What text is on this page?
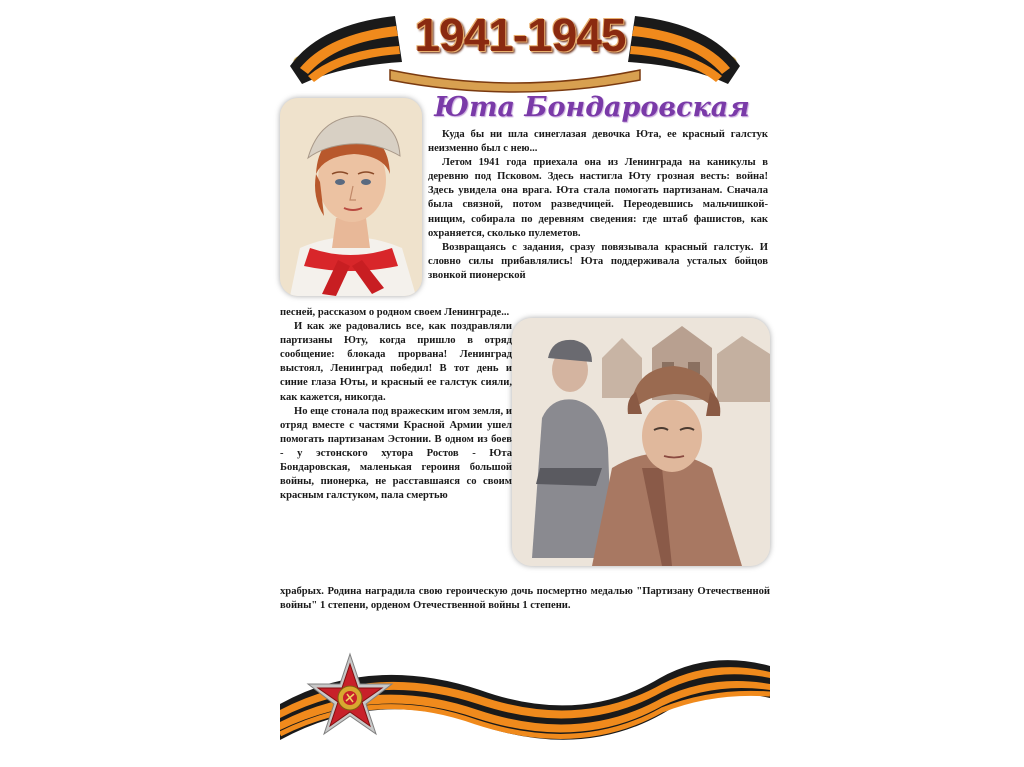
1941-1945
Юта Бондаровская

Куда бы ни шла синеглазая девочка Юта, ее красный галстук неизменно был с нею...

Летом 1941 года приехала она из Ленинграда на каникулы в деревню под Псковом. Здесь настигла Юту грозная весть: война! Здесь увидела она врага. Юта стала помогать партизанам. Сначала была связной, потом разведчицей. Переодевшись мальчишкой-нищим, собирала по деревням сведения: где штаб фашистов, как охраняется, сколько пулеметов.

Возвращаясь с задания, сразу повязывала красный галстук. И словно силы прибавлялись! Юта поддерживала усталых бойцов звонкой пионерской

песней, рассказом о родном своем Ленинграде...

И как же радовались все, как поздравляли партизаны Юту, когда пришло в отряд сообщение: блокада прорвана! Ленинград выстоял, Ленинград победил! В тот день и синие глаза Юты, и красный ее галстук сияли, как кажется, никогда.

Но еще стонала под вражеским игом земля, и отряд вместе с частями Красной Армии ушел помогать партизанам Эстонии. В одном из боев - у эстонского хутора Ростов - Юта Бондаровская, маленькая героиня большой войны, пионерка, не расставшаяся со своим красным галстуком, пала смертью

храбрых. Родина наградила свою героическую дочь посмертно медалью "Партизану Отечественной войны" 1 степени, орденом Отечественной войны 1 степени.
